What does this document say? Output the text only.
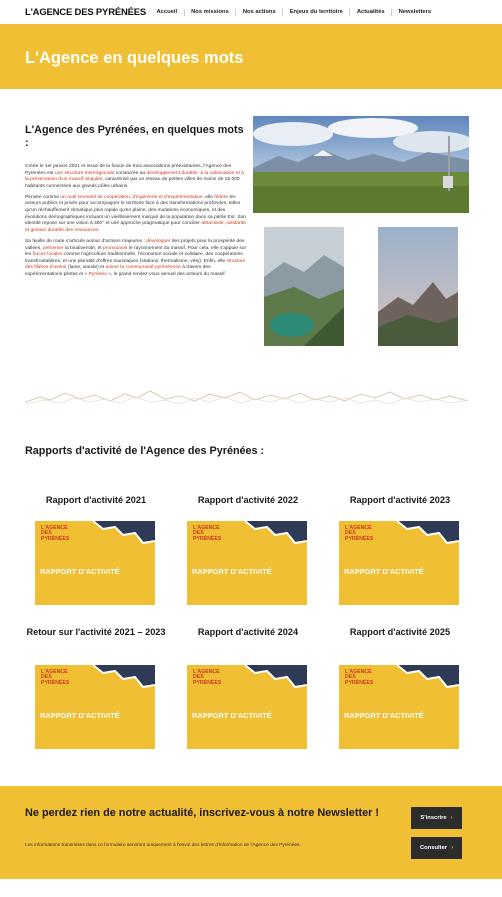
L'AGENCE DES PYRÉNÉES	Accueil	Nos missions	Nos actions	Enjeux du territoire	Actualités	Newsletters
L'Agence en quelques mots
L'Agence des Pyrénées, en quelques mots :

Créée le 1er janvier 2021 et issue de la fusion de trois associations préexistantes, l'Agence des Pyrénées est une structure interrégionale consacrée au développement durable, à la valorisation et à la préservation d'un massif singulier, caractérisé par un réseau de petites villes de moins de 15 000 habitants connectées aux grands pôles urbains.

Pensée comme un outil innovant de coopération, d'ingénierie et d'expérimentation, elle fédère les acteurs publics et privés pour accompagner le territoire face à des transformations profondes, telles qu'un réchauffement climatique plus rapide qu'en plaine, des mutations économiques, et des évolutions démographiques incluant un vieillissement marqué de la population dans sa partie Est. Son identité repose sur une vision à 360° et une approche pragmatique pour concilier attractivité, solidarité et gestion durable des ressources.

Sa feuille de route s'articule autour d'actions majeures : développer des projets pour la prospérité des vallées, préserver la biodiversité, et promouvoir le rayonnement du massif. Pour cela, elle s'appuie sur les forces locales comme l'agriculture traditionnelle, l'économie sociale et solidaire, des coopérations transfrontalières, et une pluralité d'offres touristiques (stations, thermalisme, vélo). Enfin, elle structure des filières d'avenir (laine, viande) et anime la communauté pyrénéenne à travers des expérimentations pilotes et « Pyrénéo », le grand rendez-vous annuel des acteurs du massif.

Rapports d'activité de l'Agence des Pyrénées :
Rapport d'activité 2021
L'AGENCE
DES
PYRÉNÉES
RAPPORT D'ACTIVITÉ
Rapport d'activité 2022
L'AGENCE
DES
PYRÉNÉES
RAPPORT D'ACTIVITÉ
Rapport d'activité 2023
L'AGENCE
DES
PYRÉNÉES
RAPPORT D'ACTIVITÉ
Retour sur l'activité 2021 – 2023
L'AGENCE
DES
PYRÉNÉES
RAPPORT D'ACTIVITÉ
Rapport d'activité 2024
L'AGENCE
DES
PYRÉNÉES
RAPPORT D'ACTIVITÉ
Rapport d'activité 2025
L'AGENCE
DES
PYRÉNÉES
RAPPORT D'ACTIVITÉ
Ne perdez rien de notre actualité, inscrivez-vous à notre Newsletter !

Les informations transmises dans ce formulaire serviront uniquement à l'envoi des lettres d'information de l'Agence des Pyrénées.

S'inscrire ›
Consulter ›
